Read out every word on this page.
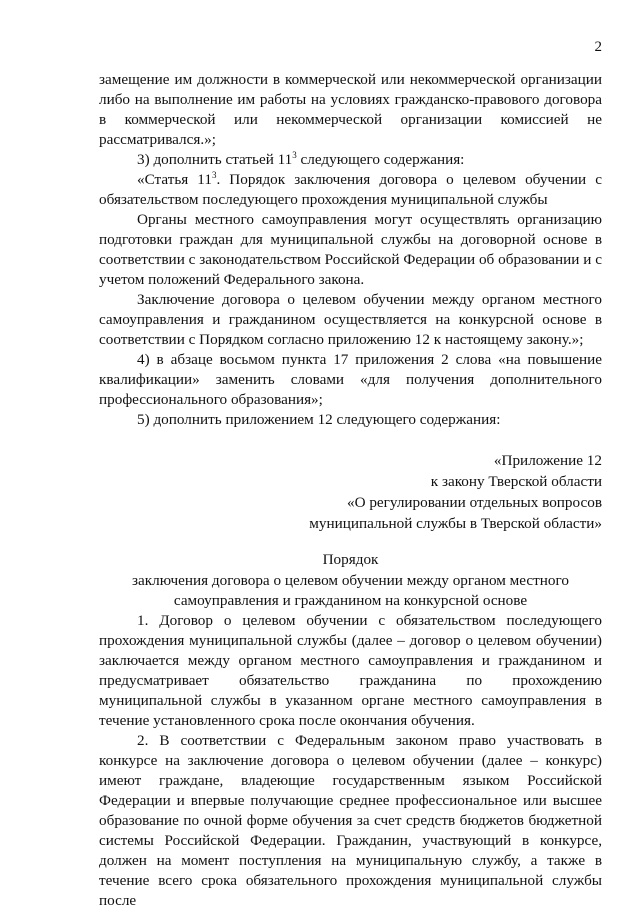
2

замещение им должности в коммерческой или некоммерческой организации либо на выполнение им работы на условиях гражданско-правового договора в коммерческой или некоммерческой организации комиссией не рассматривался.»;

3) дополнить статьей $11^3$ следующего содержания:

«Статья $11^3$. Порядок заключения договора о целевом обучении с обязательством последующего прохождения муниципальной службы

Органы местного самоуправления могут осуществлять организацию подготовки граждан для муниципальной службы на договорной основе в соответствии с законодательством Российской Федерации об образовании и с учетом положений Федерального закона.

Заключение договора о целевом обучении между органом местного самоуправления и гражданином осуществляется на конкурсной основе в соответствии с Порядком согласно приложению 12 к настоящему закону.»;

4) в абзаце восьмом пункта 17 приложения 2 слова «на повышение квалификации» заменить словами «для получения дополнительного профессионального образования»;

5) дополнить приложением 12 следующего содержания:

«Приложение 12
к закону Тверской области
«О регулировании отдельных вопросов
муниципальной службы в Тверской области»
Порядок
заключения договора о целевом обучении между органом местного
самоуправления и гражданином на конкурсной основе

1. Договор о целевом обучении с обязательством последующего прохождения муниципальной службы (далее – договор о целевом обучении) заключается между органом местного самоуправления и гражданином и предусматривает обязательство гражданина по прохождению муниципальной службы в указанном органе местного самоуправления в течение установленного срока после окончания обучения.

2. В соответствии с Федеральным законом право участвовать в конкурсе на заключение договора о целевом обучении (далее – конкурс) имеют граждане, владеющие государственным языком Российской Федерации и впервые получающие среднее профессиональное или высшее образование по очной форме обучения за счет средств бюджетов бюджетной системы Российской Федерации. Гражданин, участвующий в конкурсе, должен на момент поступления на муниципальную службу, а также в течение всего срока обязательного прохождения муниципальной службы после
